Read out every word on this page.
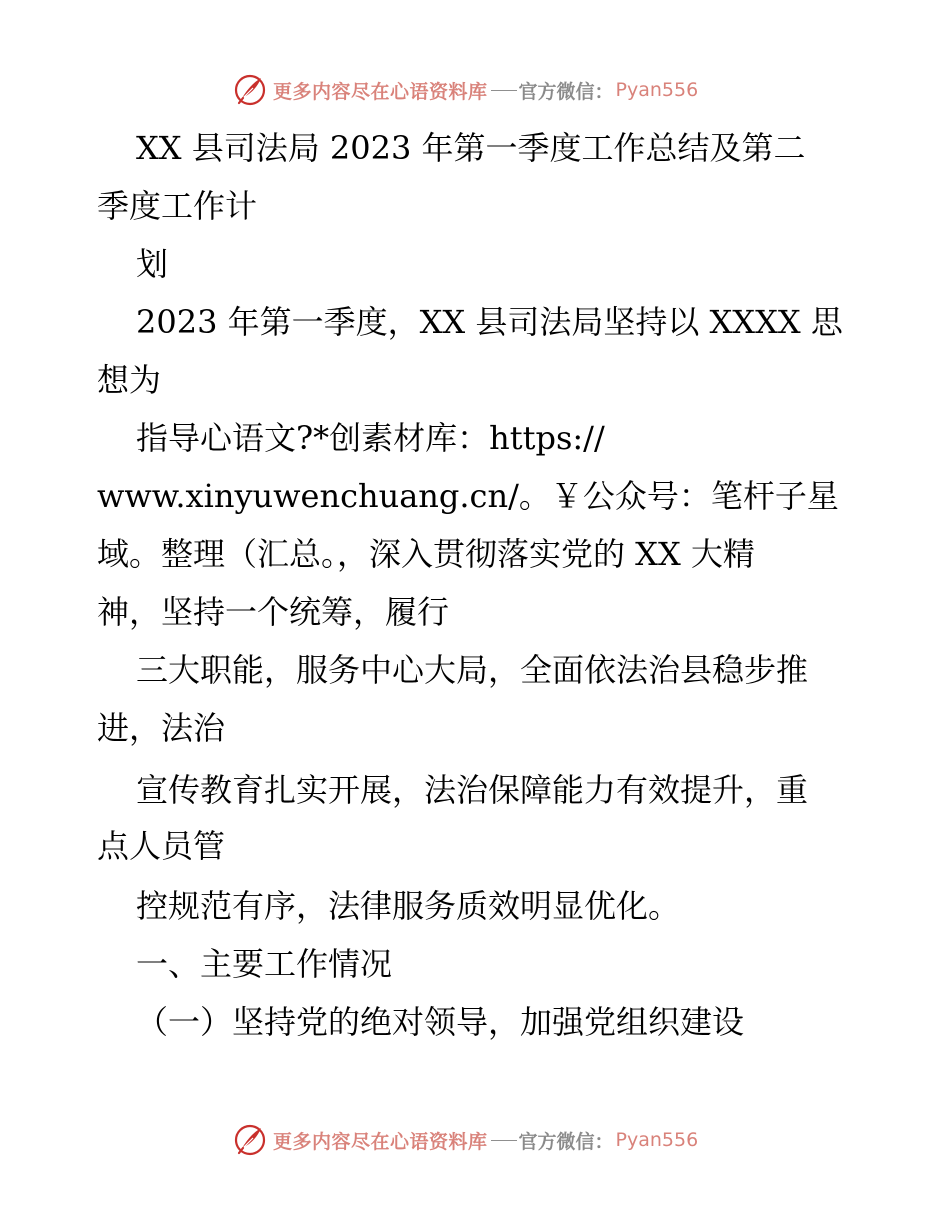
更多内容尽在心语资料库 官方微信： Pyan556
XX 县司法局 2023 年第一季度工作总结及第二
季度工作计
划
2023 年第一季度，XX 县司法局坚持以 XXXX 思
想为
指导心语文?*创素材库：https://
www.xinyuwenchuang.cn/。￥公众号：笔杆子星
域。整理（汇总。，深入贯彻落实党的 XX 大精
神，坚持一个统筹，履行
三大职能，服务中心大局，全面依法治县稳步推
进，法治
宣传教育扎实开展，法治保障能力有效提升，重
点人员管
控规范有序，法律服务质效明显优化。
一、主要工作情况
（一）坚持党的绝对领导，加强党组织建设
更多内容尽在心语资料库 官方微信： Pyan556
